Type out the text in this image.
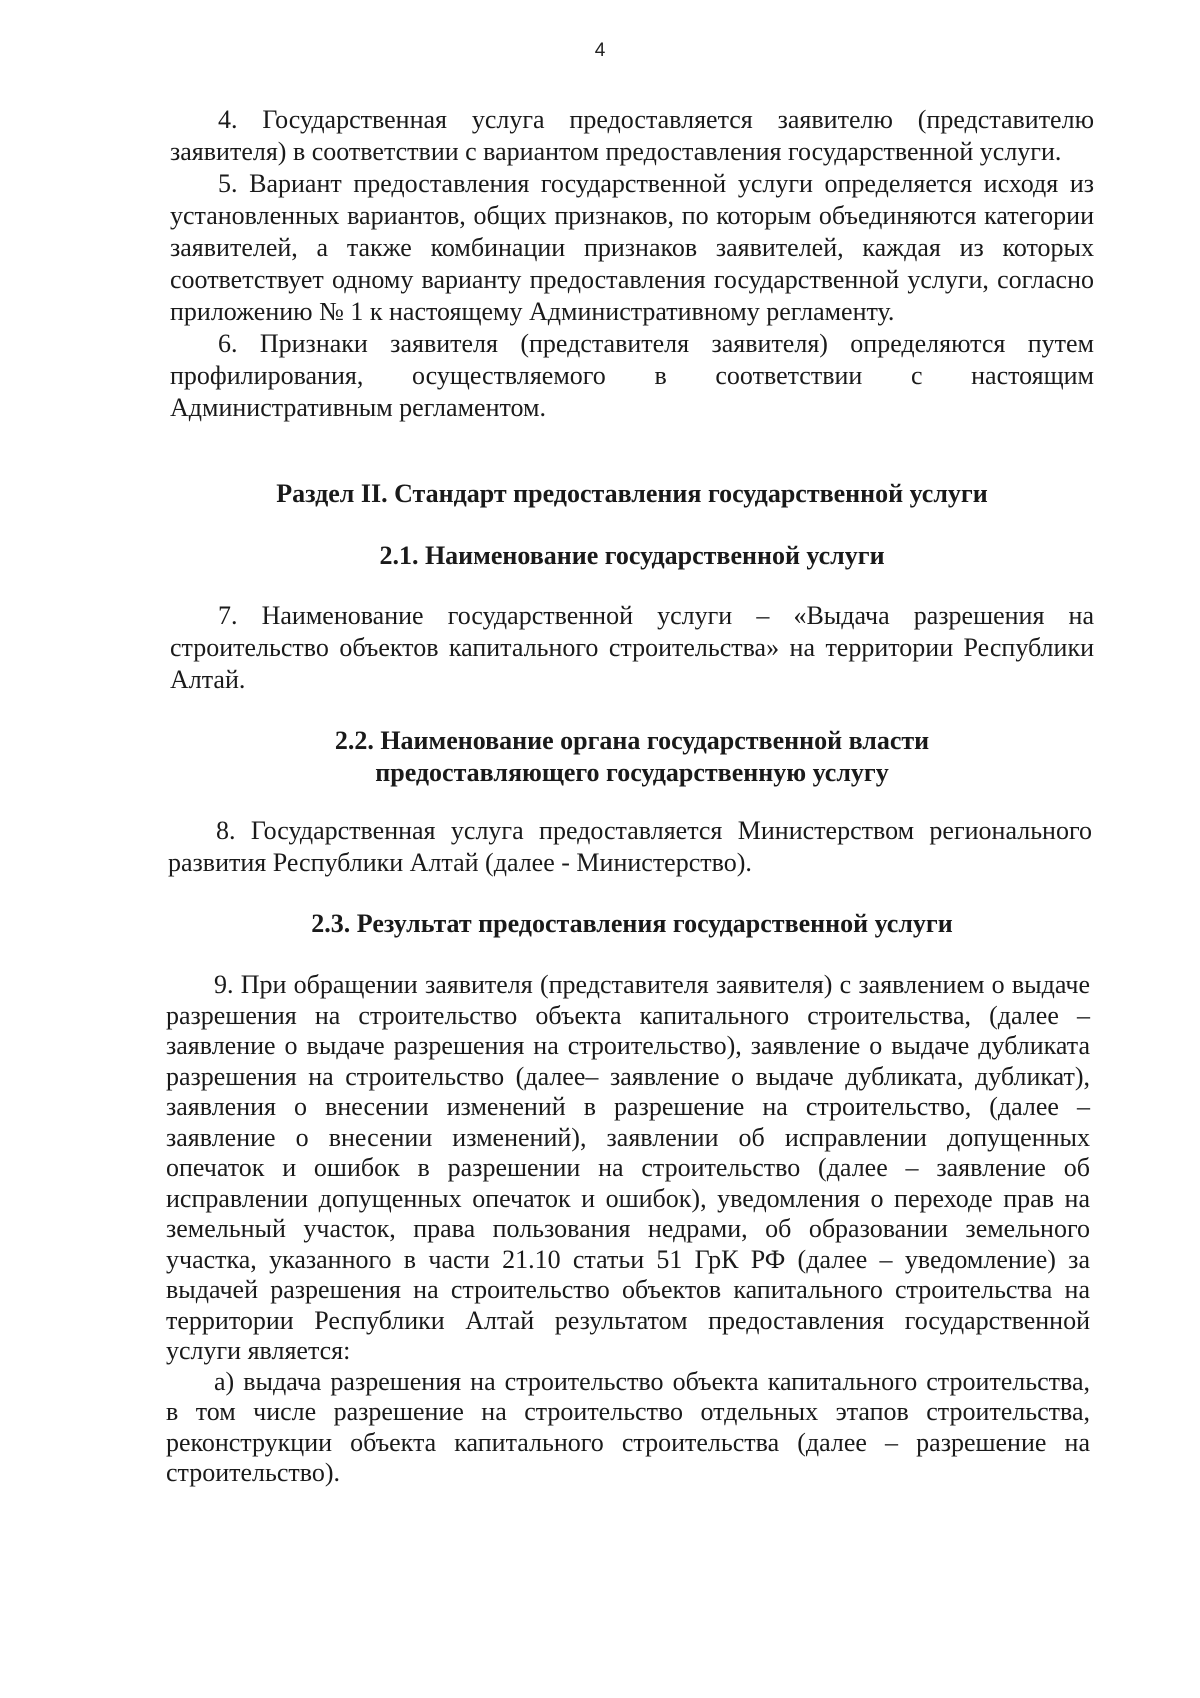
4

4. Государственная услуга предоставляется заявителю (представителю заявителя) в соответствии с вариантом предоставления государственной услуги.

5. Вариант предоставления государственной услуги определяется исходя из установленных вариантов, общих признаков, по которым объединяются категории заявителей, а также комбинации признаков заявителей, каждая из которых соответствует одному варианту предоставления государственной услуги, согласно приложению № 1 к настоящему Административному регламенту.

6. Признаки заявителя (представителя заявителя) определяются путем профилирования, осуществляемого в соответствии с настоящим Административным регламентом.

Раздел II. Стандарт предоставления государственной услуги
2.1. Наименование государственной услуги

7. Наименование государственной услуги – «Выдача разрешения на строительство объектов капитального строительства» на территории Республики Алтай.

2.2. Наименование органа государственной власти
предоставляющего государственную услугу

8. Государственная услуга предоставляется Министерством регионального развития Республики Алтай (далее - Министерство).

2.3. Результат предоставления государственной услуги

9. При обращении заявителя (представителя заявителя) с заявлением о выдаче разрешения на строительство объекта капитального строительства, (далее – заявление о выдаче разрешения на строительство), заявление о выдаче дубликата разрешения на строительство (далее– заявление о выдаче дубликата, дубликат), заявления о внесении изменений в разрешение на строительство, (далее – заявление о внесении изменений), заявлении об исправлении допущенных опечаток и ошибок в разрешении на строительство (далее – заявление об исправлении допущенных опечаток и ошибок), уведомления о переходе прав на земельный участок, права пользования недрами, об образовании земельного участка, указанного в части 21.10 статьи 51 ГрК РФ (далее – уведомление) за выдачей разрешения на строительство объектов капитального строительства на территории Республики Алтай результатом предоставления государственной услуги является:

а) выдача разрешения на строительство объекта капитального строительства, в том числе разрешение на строительство отдельных этапов строительства, реконструкции объекта капитального строительства (далее – разрешение на строительство).
